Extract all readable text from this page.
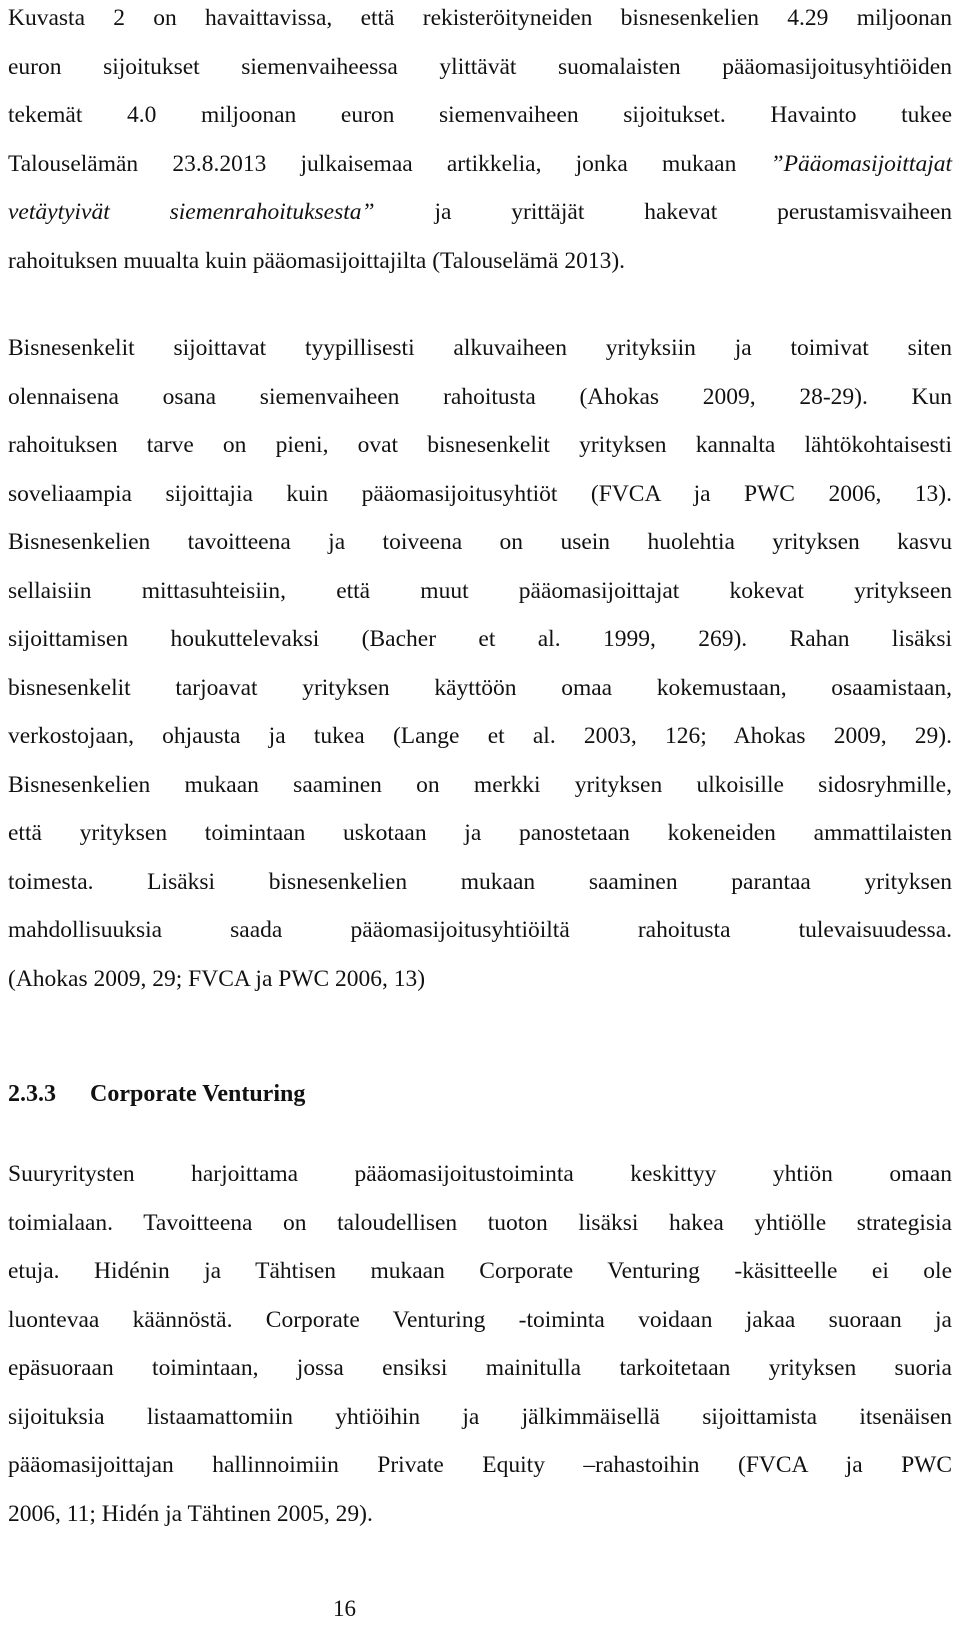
Kuvasta 2 on havaittavissa, että rekisteröityneiden bisnesenkelien 4.29 miljoonan
euron sijoitukset siemenvaiheessa ylittävät suomalaisten pääomasijoitusyhtiöiden
tekemät 4.0 miljoonan euron siemenvaiheen sijoitukset. Havainto tukee
Talouselämän 23.8.2013 julkaisemaa artikkelia, jonka mukaan ”Pääomasijoittajat
vetäytyivät siemenrahoituksesta”	ja yrittäjät hakevat perustamisvaiheen
rahoituksen muualta kuin pääomasijoittajilta (Talouselämä 2013).
Bisnesenkelit sijoittavat tyypillisesti alkuvaiheen yrityksiin ja toimivat siten
olennaisena osana siemenvaiheen rahoitusta (Ahokas 2009, 28-29). Kun
rahoituksen tarve on pieni, ovat bisnesenkelit yrityksen kannalta lähtökohtaisesti
soveliaampia sijoittajia kuin pääomasijoitusyhtiöt (FVCA ja PWC 2006, 13).
Bisnesenkelien tavoitteena ja toiveena on usein huolehtia yrityksen kasvu
sellaisiin mittasuhteisiin, että muut pääomasijoittajat kokevat yritykseen
sijoittamisen houkuttelevaksi (Bacher et al. 1999, 269). Rahan lisäksi
bisnesenkelit tarjoavat yrityksen käyttöön omaa kokemustaan, osaamistaan,
verkostojaan, ohjausta ja tukea (Lange et al. 2003, 126; Ahokas 2009, 29).
Bisnesenkelien mukaan saaminen on merkki yrityksen ulkoisille sidosryhmille,
että yrityksen toimintaan uskotaan ja panostetaan kokeneiden ammattilaisten
toimesta. Lisäksi bisnesenkelien mukaan saaminen parantaa yrityksen
mahdollisuuksia saada pääomasijoitusyhtiöiltä rahoitusta tulevaisuudessa.
(Ahokas 2009, 29; FVCA ja PWC 2006, 13)
2.3.3 Corporate Venturing
Suuryritysten harjoittama pääomasijoitustoiminta keskittyy yhtiön omaan
toimialaan. Tavoitteena on taloudellisen tuoton lisäksi hakea yhtiölle strategisia
etuja. Hidénin ja Tähtisen mukaan Corporate Venturing -käsitteelle ei ole
luontevaa käännöstä. Corporate Venturing -toiminta voidaan jakaa suoraan ja
epäsuoraan toimintaan, jossa ensiksi mainitulla tarkoitetaan yrityksen suoria
sijoituksia listaamattomiin yhtiöihin ja jälkimmäisellä sijoittamista itsenäisen
pääomasijoittajan hallinnoimiin Private Equity –rahastoihin (FVCA ja PWC
2006, 11; Hidén ja Tähtinen 2005, 29).
16
